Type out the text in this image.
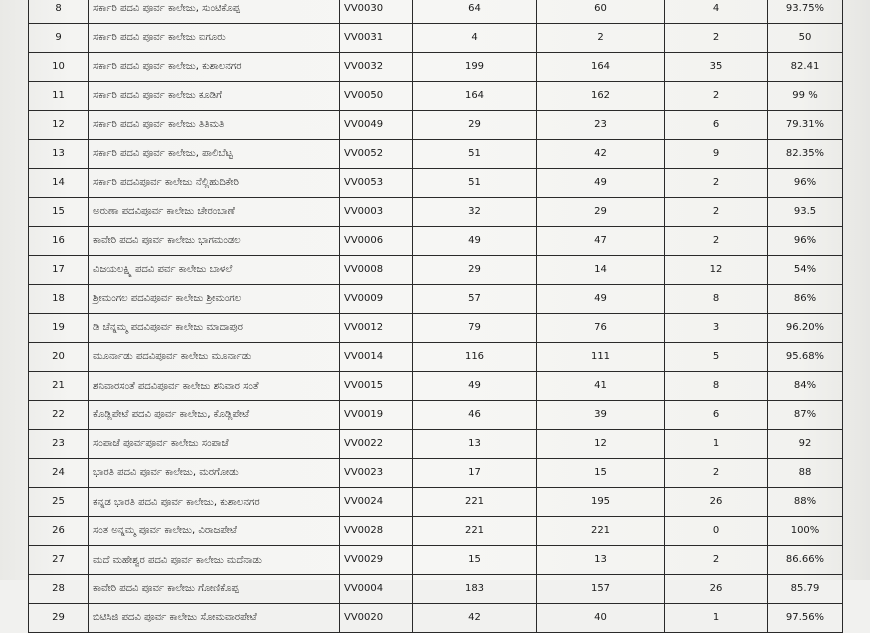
8	ಸರ್ಕಾರಿ ಪದವಿ ಪೂರ್ವ ಕಾಲೇಜು, ಸುಂಟಿಕೊಪ್ಪ	VV0030	64	60	4	93.75%
9	ಸರ್ಕಾರಿ ಪದವಿ ಪೂರ್ವ ಕಾಲೇಜು ಐಗೂರು	VV0031	4	2	2	50
10	ಸರ್ಕಾರಿ ಪದವಿ ಪೂರ್ವ ಕಾಲೇಜು, ಕುಶಾಲನಗರ	VV0032	199	164	35	82.41
11	ಸರ್ಕಾರಿ ಪದವಿ ಪೂರ್ವ ಕಾಲೇಜು ಕೂಡಿಗೆ	VV0050	164	162	2	99 %
12	ಸರ್ಕಾರಿ ಪದವಿ ಪೂರ್ವ ಕಾಲೇಜು ತಿತಿಮತಿ	VV0049	29	23	6	79.31%
13	ಸರ್ಕಾರಿ ಪದವಿ ಪೂರ್ವ ಕಾಲೇಜು, ಪಾಲಿಬೆಟ್ಟ	VV0052	51	42	9	82.35%
14	ಸರ್ಕಾರಿ ಪದವಿಪೂರ್ವ ಕಾಲೇಜು ನೆಲ್ಲಿಹುದಿಕೇರಿ	VV0053	51	49	2	96%
15	ಅರುಣಾ ಪದವಿಪೂರ್ವ ಕಾಲೇಜು ಚೇರಂಬಾಣೆ	VV0003	32	29	2	93.5
16	ಕಾವೇರಿ ಪದವಿ ಪೂರ್ವ ಕಾಲೇಜು ಭಾಗಮಂಡಲ	VV0006	49	47	2	96%
17	ವಿಜಯಲಕ್ಷ್ಮಿ ಪದವಿ ಪರ್ವ ಕಾಲೇಜು ಬಾಳಲೆ	VV0008	29	14	12	54%
18	ಶ್ರೀಮಂಗಲ ಪದವಿಪೂರ್ವ ಕಾಲೇಜು ಶ್ರೀಮಂಗಲ	VV0009	57	49	8	86%
19	ಡಿ ಚೆನ್ನಮ್ಮ ಪದವಿಪೂರ್ವ ಕಾಲೇಜು ಮಾದಾಪುರ	VV0012	79	76	3	96.20%
20	ಮೂರ್ನಾಡು ಪದವಿಪೂರ್ವ ಕಾಲೇಜು ಮೂರ್ನಾಡು	VV0014	116	111	5	95.68%
21	ಶನಿವಾರಸಂತೆ ಪದವಿಪೂರ್ವ ಕಾಲೇಜು ಶನಿವಾರ ಸಂತೆ	VV0015	49	41	8	84%
22	ಕೊಡ್ಲಿಪೇಟೆ ಪದವಿ ಪೂರ್ವ ಕಾಲೇಜು, ಕೊಡ್ಲಿಪೇಟೆ	VV0019	46	39	6	87%
23	ಸಂಪಾಜೆ ಪೂರ್ವಪೂರ್ವ ಕಾಲೇಜು ಸಂಪಾಜೆ	VV0022	13	12	1	92
24	ಭಾರತಿ ಪದವಿ ಪೂರ್ವ ಕಾಲೇಜು, ಮರಗೋಡು	VV0023	17	15	2	88
25	ಕನ್ನಡ ಭಾರತಿ ಪದವಿ ಪೂರ್ವ ಕಾಲೇಜು, ಕುಶಾಲನಗರ	VV0024	221	195	26	88%
26	ಸಂತ ಅನ್ನಮ್ಮ ಪೂರ್ವ ಕಾಲೇಜು, ವಿರಾಜಪೇಟೆ	VV0028	221	221	0	100%
27	ಮದೆ ಮಹೇಶ್ವರ ಪದವಿ ಪೂರ್ವ ಕಾಲೇಜು ಮದೆನಾಡು	VV0029	15	13	2	86.66%
28	ಕಾವೇರಿ ಪದವಿ ಪೂರ್ವ ಕಾಲೇಜು ಗೋಣಿಕೊಪ್ಪ	VV0004	183	157	26	85.79
29	ಬಿಟಿಸಿಜಿ ಪದವಿ ಪೂರ್ವ ಕಾಲೇಜು ಸೋಮವಾರಪೇಟೆ	VV0020	42	40	1	97.56%
